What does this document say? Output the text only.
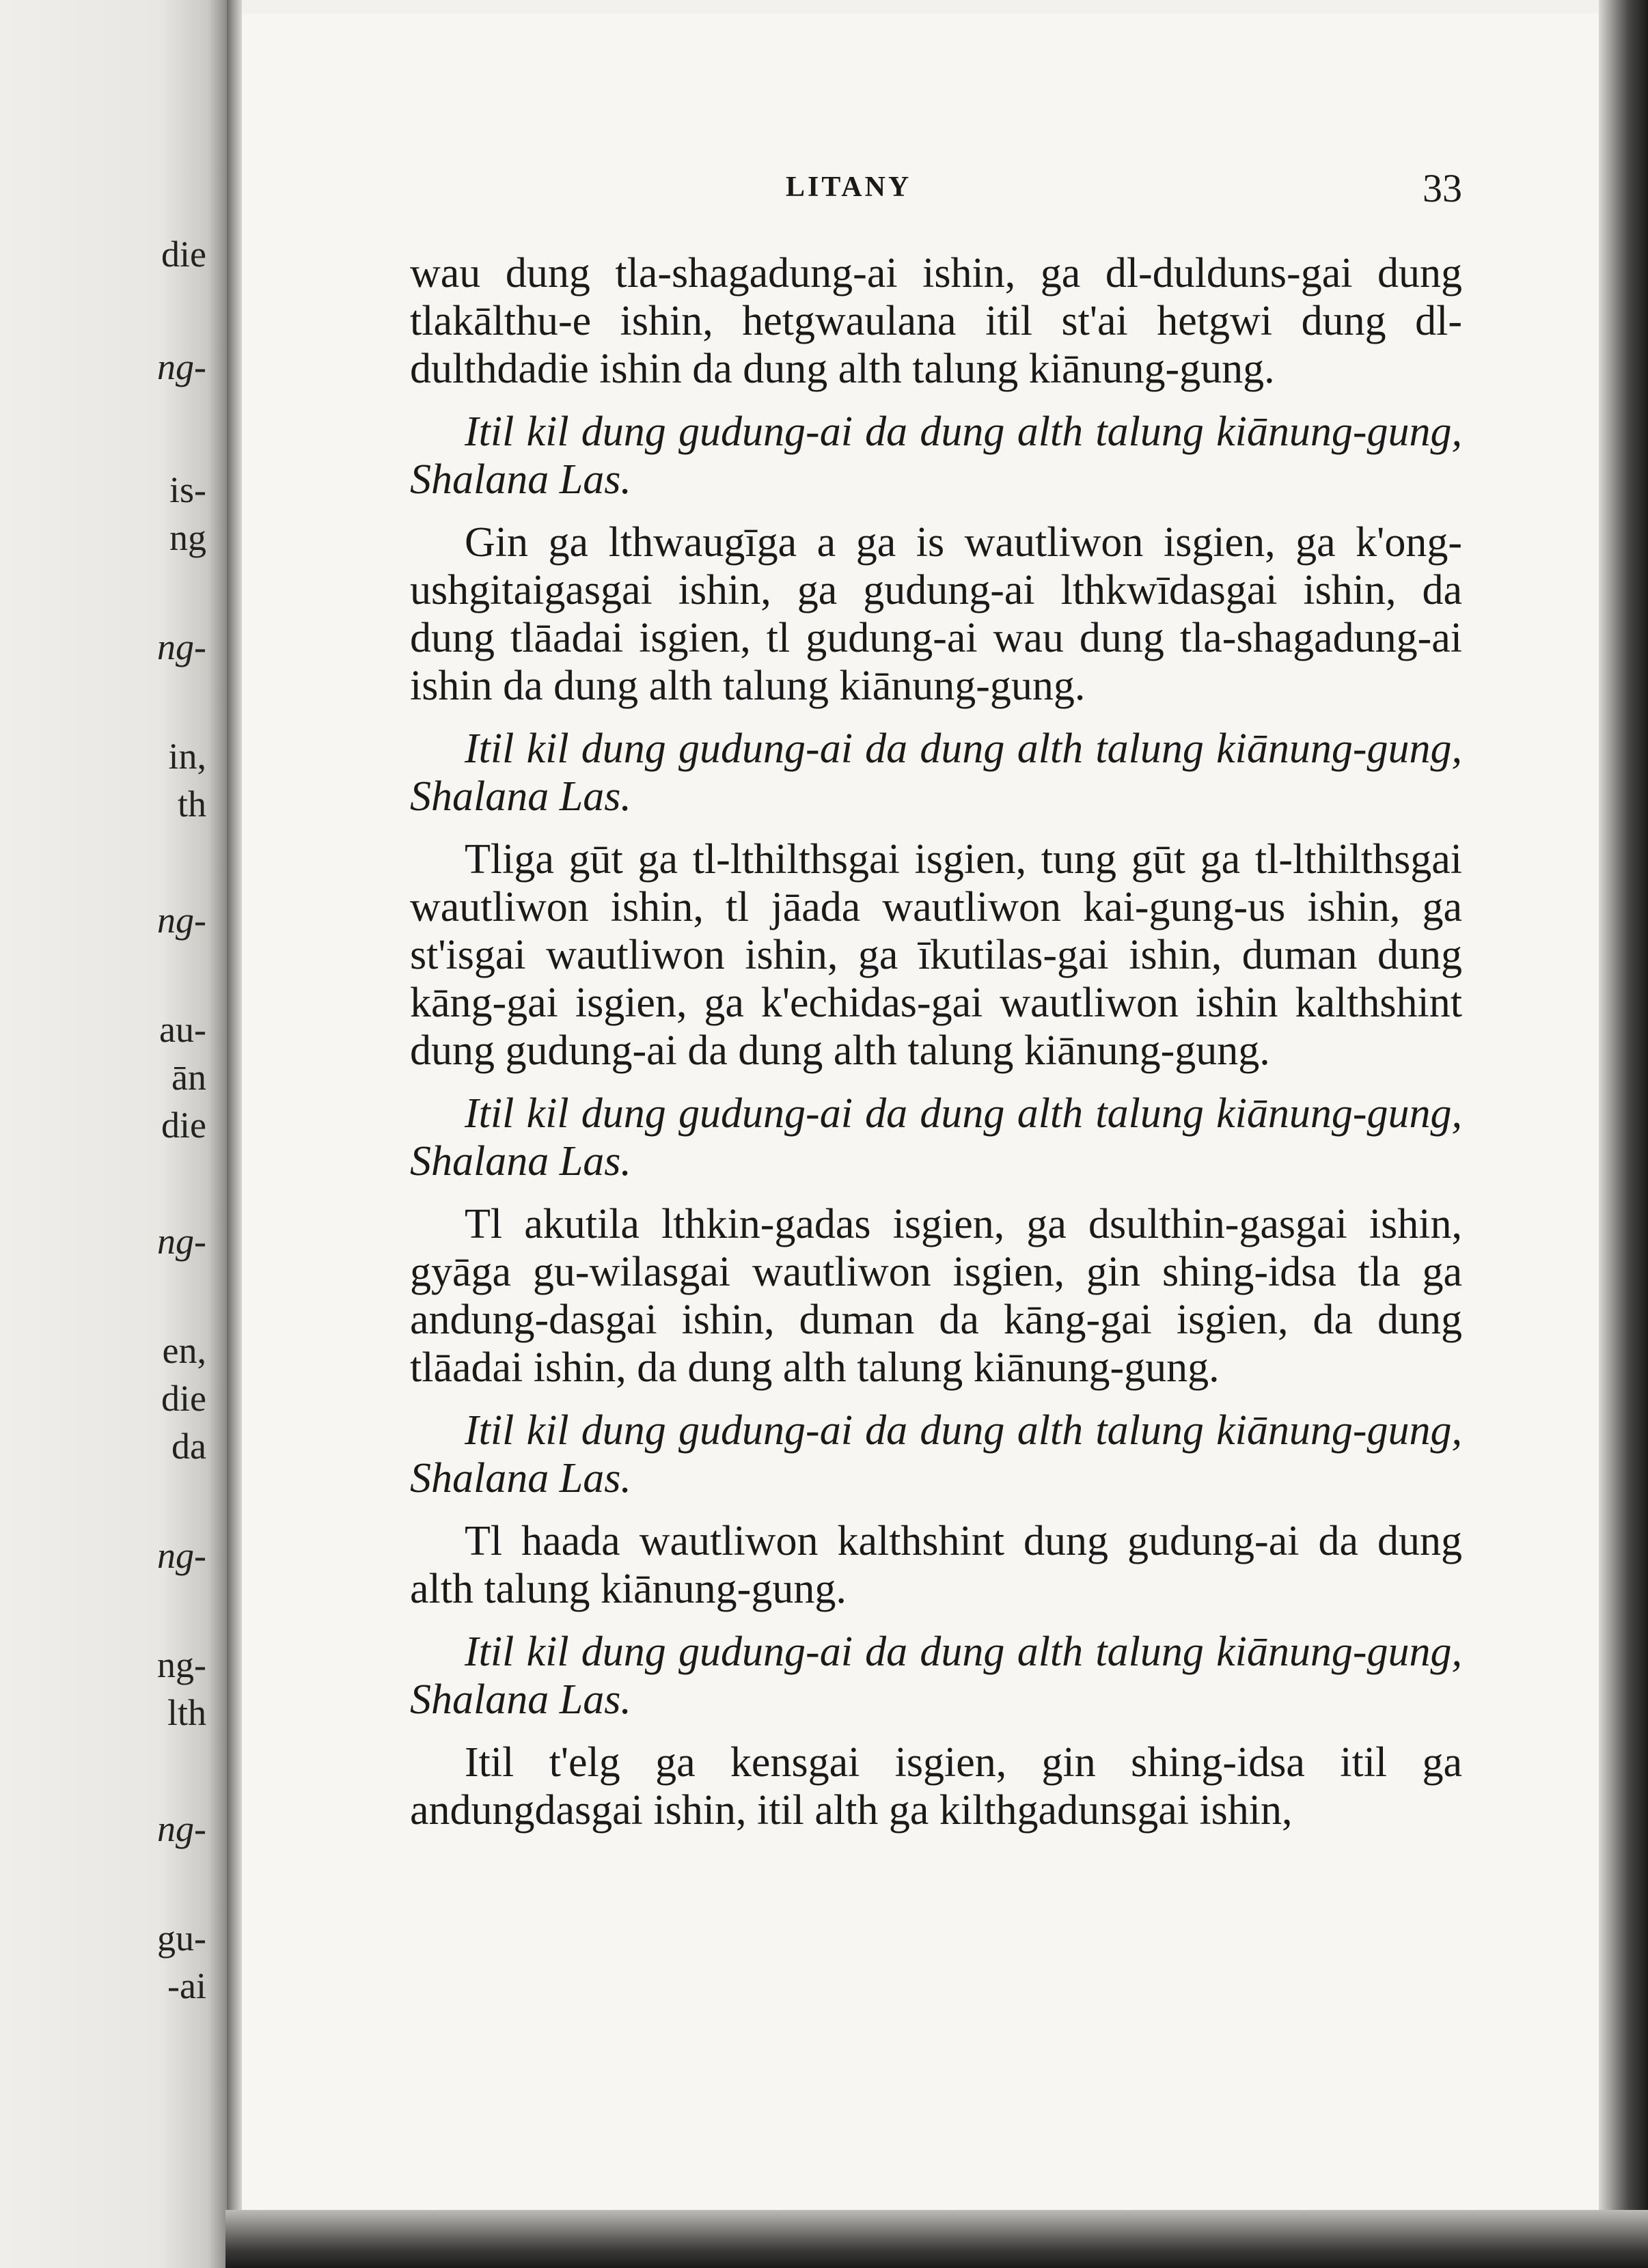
die
ng-
is-
ng
ng-
in,
th
ng-
au-
ān
die
ng-
en,
die
da
ng-
ng-
lth
ng-
gu-
-ai
LITANY	33

wau dung tla-shagadung-ai ishin, ga dl-dulduns-gai dung tlakālthu-e ishin, hetgwaulana itil st'ai hetgwi dung dl-dulthdadie ishin da dung alth talung kiānung-gung.

Itil kil dung gudung-ai da dung alth talung kiānung-gung, Shalana Las.

Gin ga lthwaugīga a ga is wautliwon isgien, ga k'ong-ushgitaigasgai ishin, ga gudung-ai lthkwīdasgai ishin, da dung tlāadai isgien, tl gudung-ai wau dung tla-shagadung-ai ishin da dung alth talung kiānung-gung.

Itil kil dung gudung-ai da dung alth talung kiānung-gung, Shalana Las.

Tliga gūt ga tl-lthilthsgai isgien, tung gūt ga tl-lthilthsgai wautliwon ishin, tl jāada wautliwon kai-gung-us ishin, ga st'isgai wautliwon ishin, ga īkutilas-gai ishin, duman dung kāng-gai isgien, ga k'echidas-gai wautliwon ishin kalthshint dung gudung-ai da dung alth talung kiānung-gung.

Itil kil dung gudung-ai da dung alth talung kiānung-gung, Shalana Las.

Tl akutila lthkin-gadas isgien, ga dsulthin-gasgai ishin, gyāga gu-wilasgai wautliwon isgien, gin shing-idsa tla ga andung-dasgai ishin, duman da kāng-gai isgien, da dung tlāadai ishin, da dung alth talung kiānung-gung.

Itil kil dung gudung-ai da dung alth talung kiānung-gung, Shalana Las.

Tl haada wautliwon kalthshint dung gudung-ai da dung alth talung kiānung-gung.

Itil kil dung gudung-ai da dung alth talung kiānung-gung, Shalana Las.

Itil t'elg ga kensgai isgien, gin shing-idsa itil ga andungdasgai ishin, itil alth ga kilthgadunsgai ishin,
